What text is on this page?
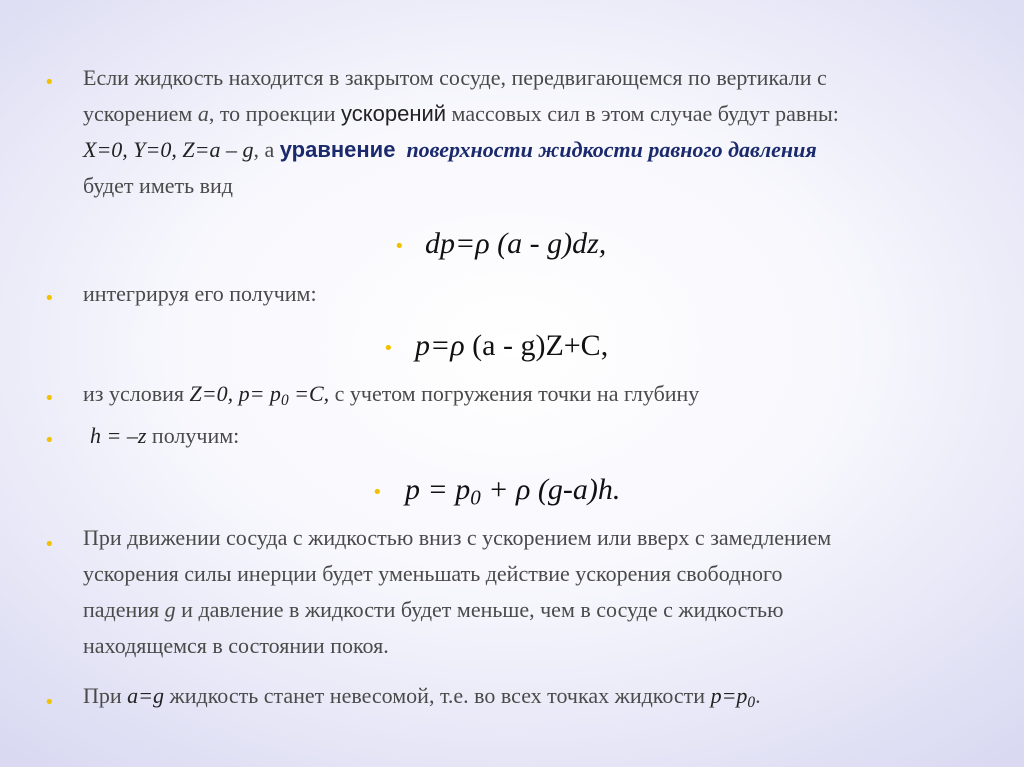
• Если жидкость находится в закрытом сосуде, передвигающемся по вертикали с
ускорением а, то проекции ускорений массовых сил в этом случае будут равны:
X=0, Y=0, Z=а – g, а уравнение поверхности жидкости равного давления
будет иметь вид
• dp=ρ (a - g)dz,
• интегрируя его получим:
• p=ρ (a - g)Z+C,
• из условия Z=0, $p= p_0 =C$, с учетом погружения точки на глубину
• h = –z получим:
• $p = p_0 + \rho$ (g-a)h.
• При движении сосуда с жидкостью вниз с ускорением или вверх с замедлением
ускорения силы инерции будет уменьшать действие ускорения свободного
падения g и давление в жидкости будет меньше, чем в сосуде с жидкостью
находящемся в состоянии покоя.
• При а=g жидкость станет невесомой, т.е. во всех точках жидкости $p=p_0$.
